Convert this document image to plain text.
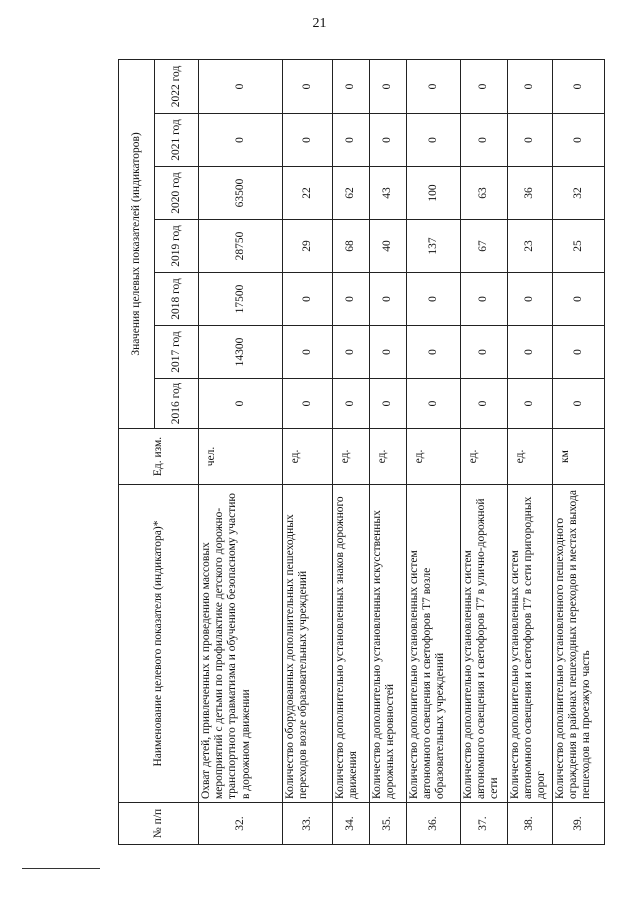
21
№ п/п	Наименование целевого показателя (индикатора)*	Ед. изм.	Значения целевых показателей (индикаторов)						
			2016 год	2017 год	2018 год	2019 год	2020 год	2021 год	2022 год
32.	Охват детей, привлеченных к проведению массовых мероприятий с детьми по профилактике детского дорожно-транспортного травматизма и обучению безопасному участию в дорожном движении	чел.	0	14300	17500	28750	63500	0	0
33.	Количество оборудованных дополнительных пешеходных переходов возле образовательных учреждений	ед.	0	0	0	29	22	0	0
34.	Количество дополнительно установленных знаков дорожного движения	ед.	0	0	0	68	62	0	0
35.	Количество дополнительно установленных искусственных дорожных неровностей	ед.	0	0	0	40	43	0	0
36.	Количество дополнительно установленных систем автономного освещения и светофоров Т7 возле образовательных учреждений	ед.	0	0	0	137	100	0	0
37.	Количество дополнительно установленных систем автономного освещения и светофоров Т7 в улично-дорожной сети	ед.	0	0	0	67	63	0	0
38.	Количество дополнительно установленных систем автономного освещения и светофоров Т7 в сети пригородных дорог	ед.	0	0	0	23	36	0	0
39.	Количество дополнительно установленного пешеходного ограждения в районах пешеходных переходов и местах выхода пешеходов на проезжую часть	км	0	0	0	25	32	0	0
